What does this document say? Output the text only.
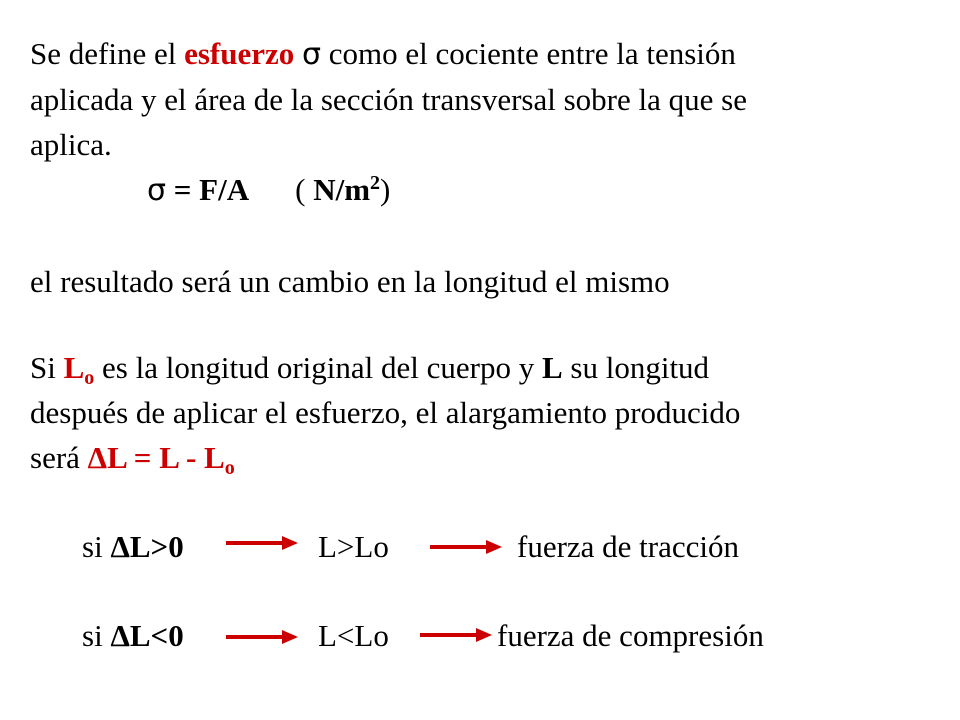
Se define el esfuerzo σ como el cociente entre la tensión
aplicada y el área de la sección transversal sobre la que se
aplica.
σ = F/A ( $N/m^2$)
el resultado será un cambio en la longitud el mismo
Si $L_o$ es la longitud original del cuerpo y L su longitud
después de aplicar el esfuerzo, el alargamiento producido
será $\Delta L = L - L_o$
si ΔL>0	L>Lo	fuerza de tracción
si ΔL<0	L<Lo	fuerza de compresión
